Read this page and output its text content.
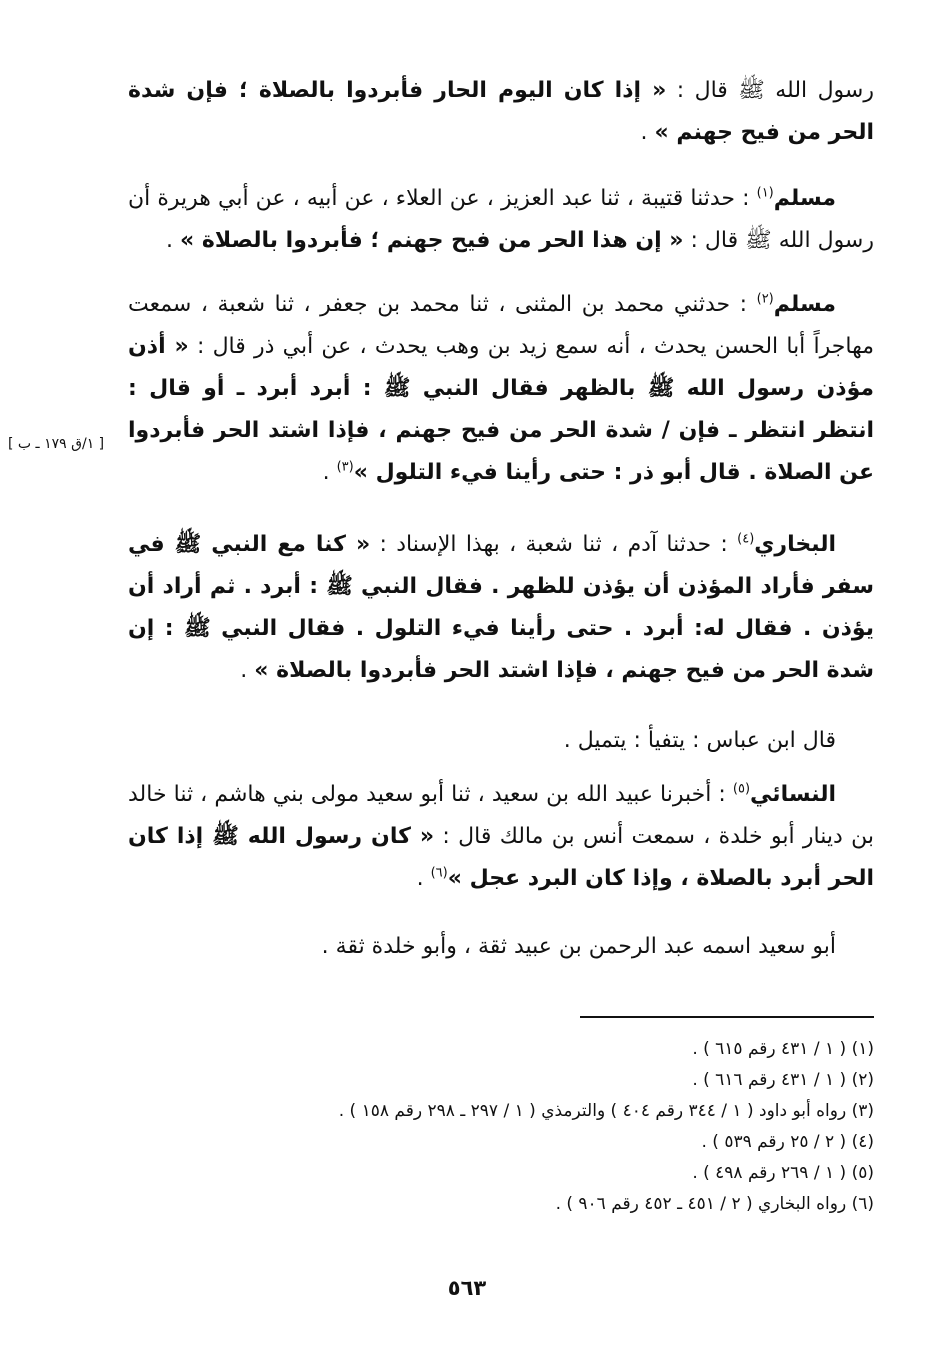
رسول الله ﷺ قال : « إذا كان اليوم الحار فأبردوا بالصلاة ؛ فإن شدة الحر من فيح جهنم » .

مسلم$^{(١)}$ : حدثنا قتيبة ، ثنا عبد العزيز ، عن العلاء ، عن أبيه ، عن أبي هريرة أن رسول الله ﷺ قال : « إن هذا الحر من فيح جهنم ؛ فأبردوا بالصلاة » .

مسلم$^{(٢)}$ : حدثني محمد بن المثنى ، ثنا محمد بن جعفر ، ثنا شعبة ، سمعت مهاجراً أبا الحسن يحدث ، أنه سمع زيد بن وهب يحدث ، عن أبي ذر قال : « أذن مؤذن رسول الله ﷺ بالظهر فقال النبي ﷺ : أبرد أبرد ـ أو قال : انتظر انتظر ـ فإن / شدة الحر من فيح جهنم ، فإذا اشتد الحر فأبردوا عن الصلاة . قال أبو ذر : حتى رأينا فيء التلول »$^{(٣)}$ .

[ ١/ق ١٧٩ ـ ب ]

البخاري$^{(٤)}$ : حدثنا آدم ، ثنا شعبة ، بهذا الإسناد : « كنا مع النبي ﷺ في سفر فأراد المؤذن أن يؤذن للظهر . فقال النبي ﷺ : أبرد . ثم أراد أن يؤذن . فقال له: أبرد . حتى رأينا فيء التلول . فقال النبي ﷺ : إن شدة الحر من فيح جهنم ، فإذا اشتد الحر فأبردوا بالصلاة » .

قال ابن عباس : يتفيأ : يتميل .

النسائي$^{(٥)}$ : أخبرنا عبيد الله بن سعيد ، ثنا أبو سعيد مولى بني هاشم ، ثنا خالد بن دينار أبو خلدة ، سمعت أنس بن مالك قال : « كان رسول الله ﷺ إذا كان الحر أبرد بالصلاة ، وإذا كان البرد عجل »$^{(٦)}$ .

أبو سعيد اسمه عبد الرحمن بن عبيد ثقة ، وأبو خلدة ثقة .

(١) ( ١ / ٤٣١ رقم ٦١٥ ) .
(٢) ( ١ / ٤٣١ رقم ٦١٦ ) .
(٣) رواه أبو داود ( ١ / ٣٤٤ رقم ٤٠٤ ) والترمذي ( ١ / ٢٩٧ ـ ٢٩٨ رقم ١٥٨ ) .
(٤) ( ٢ / ٢٥ رقم ٥٣٩ ) .
(٥) ( ١ / ٢٦٩ رقم ٤٩٨ ) .
(٦) رواه البخاري ( ٢ / ٤٥١ ـ ٤٥٢ رقم ٩٠٦ ) .
٥٦٣
